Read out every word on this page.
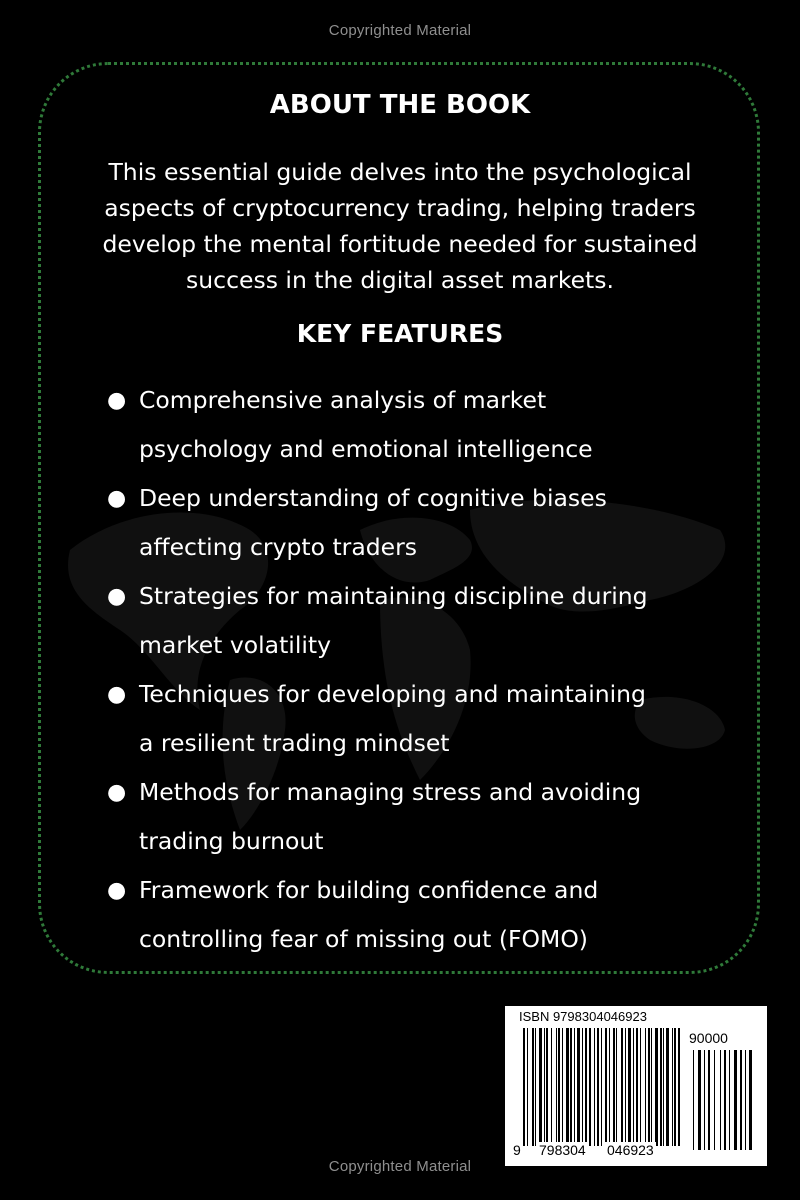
Copyrighted Material
ABOUT THE BOOK

This essential guide delves into the psychological aspects of cryptocurrency trading, helping traders develop the mental fortitude needed for sustained success in the digital asset markets.

KEY FEATURES
● Comprehensive analysis of market
psychology and emotional intelligence
● Deep understanding of cognitive biases
affecting crypto traders
● Strategies for maintaining discipline during
market volatility
● Techniques for developing and maintaining
a resilient trading mindset
● Methods for managing stress and avoiding
trading burnout
● Framework for building confidence and
controlling fear of missing out (FOMO)
ISBN 9798304046923
90000
9 798304 046923
Copyrighted Material
